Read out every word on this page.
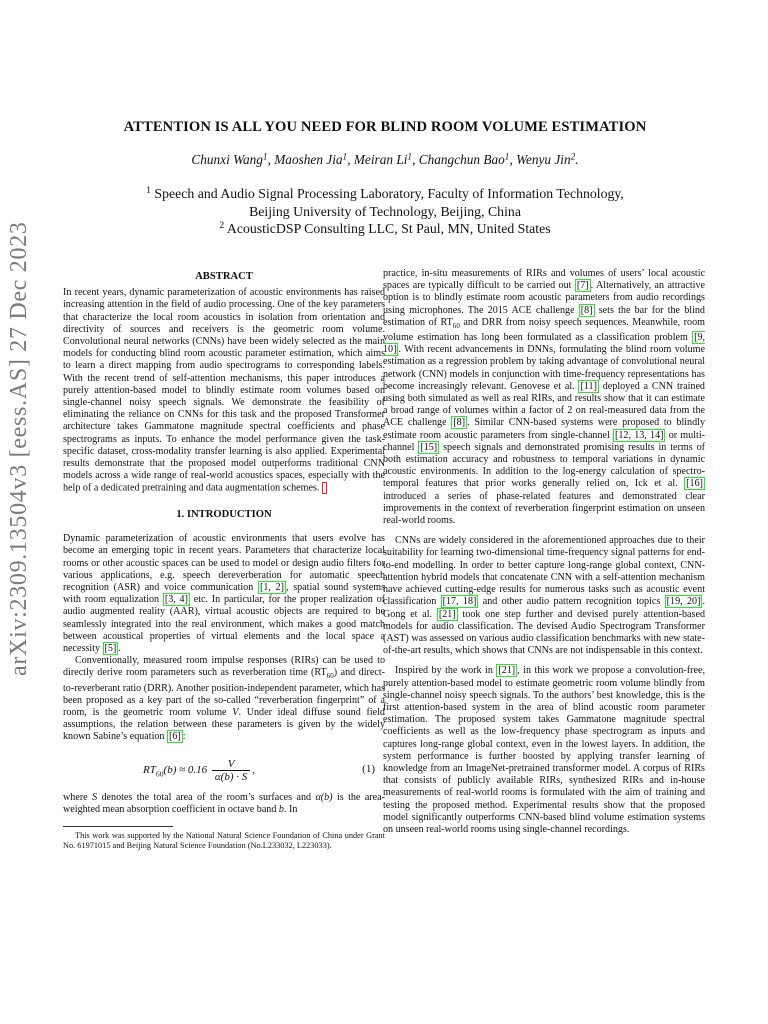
arXiv:2309.13504v3 [eess.AS] 27 Dec 2023
ATTENTION IS ALL YOU NEED FOR BLIND ROOM VOLUME ESTIMATION
Chunxi Wang$^1$, Maoshen Jia$^1$, Meiran Li$^1$, Changchun Bao$^1$, Wenyu Jin$^2$.
$^1$ Speech and Audio Signal Processing Laboratory, Faculty of Information Technology,
Beijing University of Technology, Beijing, China
$^2$ AcousticDSP Consulting LLC, St Paul, MN, United States
ABSTRACT

In recent years, dynamic parameterization of acoustic environments has raised increasing attention in the field of audio processing. One of the key parameters that characterize the local room acoustics in isolation from orientation and directivity of sources and receivers is the geometric room volume. Convolutional neural networks (CNNs) have been widely selected as the main models for conducting blind room acoustic parameter estimation, which aims to learn a direct mapping from audio spectrograms to corresponding labels. With the recent trend of self-attention mechanisms, this paper introduces a purely attention-based model to blindly estimate room volumes based on single-channel noisy speech signals. We demonstrate the feasibility of eliminating the reliance on CNNs for this task and the proposed Transformer architecture takes Gammatone magnitude spectral coefficients and phase spectrograms as inputs. To enhance the model performance given the task-specific dataset, cross-modality transfer learning is also applied. Experimental results demonstrate that the proposed model outperforms traditional CNN models across a wide range of real-world acoustics spaces, especially with the help of a dedicated pretraining and data augmentation schemes.

1. INTRODUCTION

Dynamic parameterization of acoustic environments that users evolve has become an emerging topic in recent years. Parameters that characterize local rooms or other acoustic spaces can be used to model or design audio filters for various applications, e.g. speech dereverberation for automatic speech recognition (ASR) and voice communication [1, 2] , spatial sound systems with room equalization [3, 4] etc. In particular, for the proper realization of audio augmented reality (AAR), virtual acoustic objects are required to be seamlessly integrated into the real environment, which makes a good match between acoustical properties of virtual elements and the local space a necessity [5] .

Conventionally, measured room impulse responses (RIRs) can be used to directly derive room parameters such as reverberation time $(RT_{60})$ and direct-to-reverberant ratio (DRR). Another position-independent parameter, which has been proposed as a key part of the so-called “reverberation fingerprint” of a room, is the geometric room volume V. Under ideal diffuse sound field assumptions, the relation between these parameters is given by the widely known Sabine’s equation [6] :

$RT_{60}(b) \approx 0.16 \frac{V}{\alpha(b) \cdot S}$ ,	(1)

where S denotes the total area of the room’s surfaces and α(b) is the area-weighted mean absorption coefficient in octave band b. In

This work was supported by the National Natural Science Foundation of China under Grant No. 61971015 and Beijing Natural Science Foundation (No.L233032, L223033).

practice, in-situ measurements of RIRs and volumes of users’ local acoustic spaces are typically difficult to be carried out [7] . Alternatively, an attractive option is to blindly estimate room acoustic parameters from audio recordings using microphones. The 2015 ACE challenge [8] sets the bar for the blind estimation of $RT_{60}$ and DRR from noisy speech sequences. Meanwhile, room volume estimation has long been formulated as a classification problem [9, 10] . With recent advancements in DNNs, formulating the blind room volume estimation as a regression problem by taking advantage of convolutional neural network (CNN) models in conjunction with time-frequency representations has become increasingly relevant. Genovese et al. [11] deployed a CNN trained using both simulated as well as real RIRs, and results show that it can estimate a broad range of volumes within a factor of 2 on real-measured data from the ACE challenge [8] . Similar CNN-based systems were proposed to blindly estimate room acoustic parameters from single-channel [12, 13, 14] or multi-channel [15] speech signals and demonstrated promising results in terms of both estimation accuracy and robustness to temporal variations in dynamic acoustic environments. In addition to the log-energy calculation of spectro-temporal features that prior works generally relied on, Ick et al. [16] introduced a series of phase-related features and demonstrated clear improvements in the context of reverberation fingerprint estimation on unseen real-world rooms.

CNNs are widely considered in the aforementioned approaches due to their suitability for learning two-dimensional time-frequency signal patterns for end-to-end modelling. In order to better capture long-range global context, CNN-attention hybrid models that concatenate CNN with a self-attention mechanism have achieved cutting-edge results for numerous tasks such as acoustic event classification [17, 18] and other audio pattern recognition topics [19, 20] . Gong et al. [21] took one step further and devised purely attention-based models for audio classification. The devised Audio Spectrogram Transformer (AST) was assessed on various audio classification benchmarks with new state-of-the-art results, which shows that CNNs are not indispensable in this context.

Inspired by the work in [21] , in this work we propose a convolution-free, purely attention-based model to estimate geometric room volume blindly from single-channel noisy speech signals. To the authors’ best knowledge, this is the first attention-based system in the area of blind acoustic room parameter estimation. The proposed system takes Gammatone magnitude spectral coefficients as well as the low-frequency phase spectrogram as inputs and captures long-range global context, even in the lowest layers. In addition, the system performance is further boosted by applying transfer learning of knowledge from an ImageNet-pretrained transformer model. A corpus of RIRs that consists of publicly available RIRs, synthesized RIRs and in-house measurements of real-world rooms is formulated with the aim of training and testing the proposed method. Experimental results show that the proposed model significantly outperforms CNN-based blind volume estimation systems on unseen real-world rooms using single-channel recordings.
